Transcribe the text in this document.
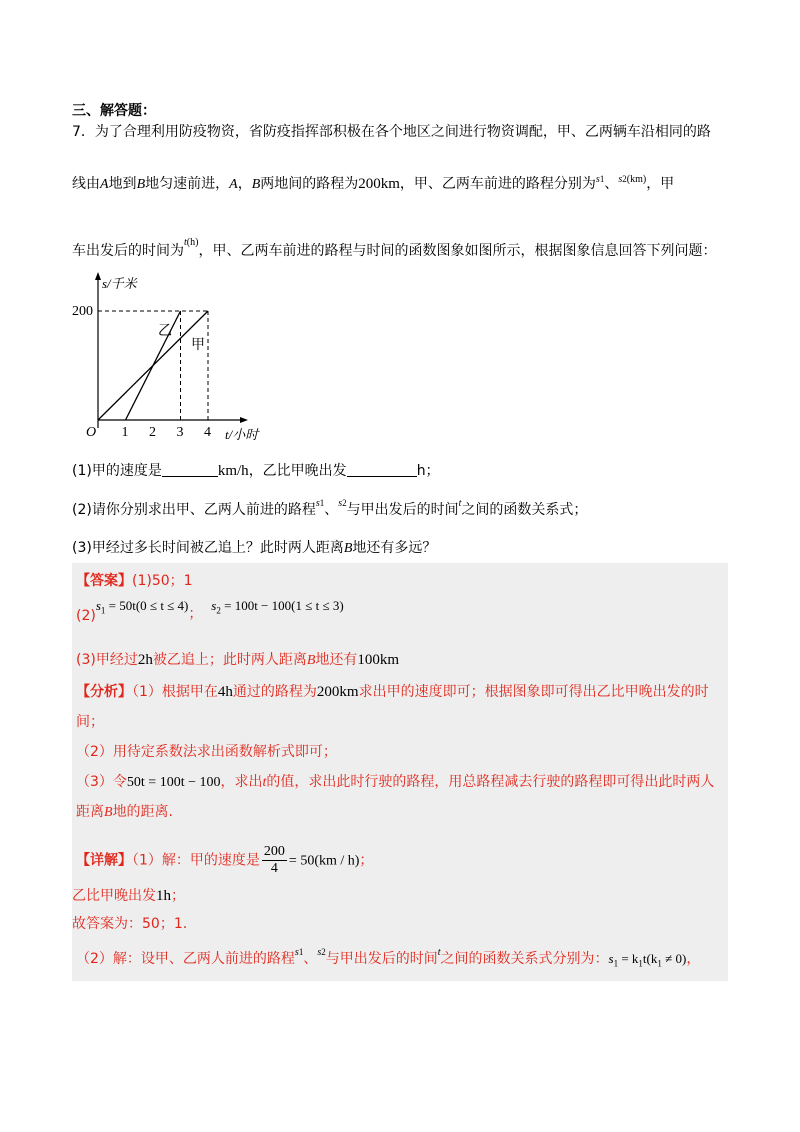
三、解答题：
7．为了合理利用防疫物资，省防疫指挥部积极在各个地区之间进行物资调配，甲、乙两辆车沿相同的路
线由A地到B地匀速前进，A，B两地间的路程为200km，甲、乙两车前进的路程分别为$^s_1$、$^s_2^{(km)}$，甲
车出发后的时间为$^{t(h)}$，甲、乙两车前进的路程与时间的函数图象如图所示，根据图象信息回答下列问题：
s/千米
t/小时
O
200
1 2 3 4
乙
甲
(1)甲的速度是	km/h，乙比甲晚出发	h；
(2)请你分别求出甲、乙两人前进的路程$^s_1$、$^s_2$与甲出发后的时间$^t$之间的函数关系式；
(3)甲经过多长时间被乙追上？此时两人距离B地还有多远？
【答案】(1)50；1
$(2)s_1 = 50t(0 \le t \le 4)$；  $s_2 = 100t - 100(1 \le t \le 3)$
(3)甲经过2h被乙追上；此时两人距离B地还有100km
【分析】（1）根据甲在4h通过的路程为200km求出甲的速度即可；根据图象即可得出乙比甲晚出发的时
间；
（2）用待定系数法求出函数解析式即可；
（3）令50t = 100t − 100，求出t的值，求出此时行驶的路程，用总路程减去行驶的路程即可得出此时两人
距离B地的距离.
【详解】（1）解：甲的速度是 $\frac{200}{4} = 50(km / h)$；
乙比甲晚出发1h；
故答案为：50；1.
（2）解：设甲、乙两人前进的路程$^s_1$、$^s_2$与甲出发后的时间$^t$之间的函数关系式分别为：$s_1 = k_1t(k_1 \ne 0)$，
